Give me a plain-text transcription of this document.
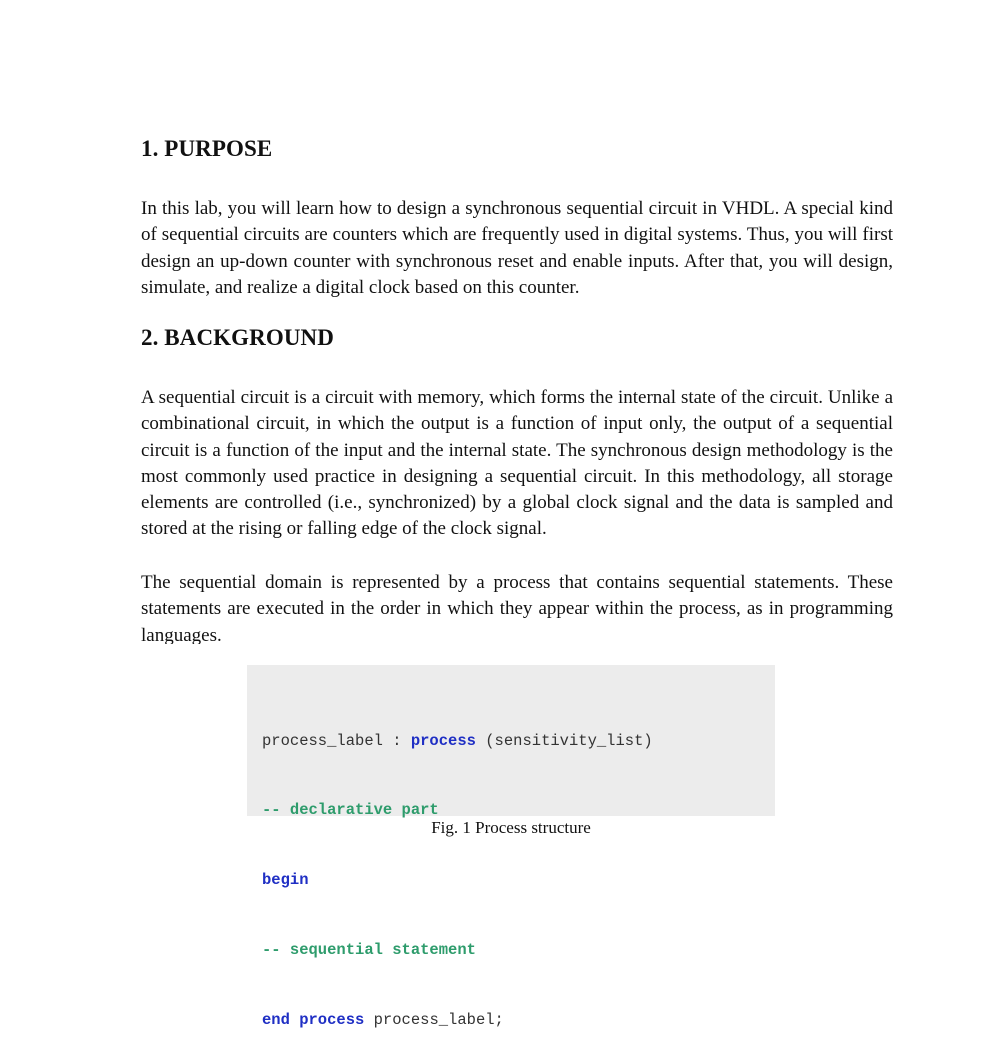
1. PURPOSE

In this lab, you will learn how to design a synchronous sequential circuit in VHDL. A special kind of sequential circuits are counters which are frequently used in digital systems. Thus, you will first design an up-down counter with synchronous reset and enable inputs. After that, you will design, simulate, and realize a digital clock based on this counter.

2. BACKGROUND

A sequential circuit is a circuit with memory, which forms the internal state of the circuit. Unlike a combinational circuit, in which the output is a function of input only, the output of a sequential circuit is a function of the input and the internal state. The synchronous design methodology is the most commonly used practice in designing a sequential circuit. In this methodology, all storage elements are controlled (i.e., synchronized) by a global clock signal and the data is sampled and stored at the rising or falling edge of the clock signal.

The sequential domain is represented by a process that contains sequential statements. These statements are executed in the order in which they appear within the process, as in programming languages.

process_label : process (sensitivity_list)

-- declarative part

begin

-- sequential statement

end process process_label;

Fig. 1 Process structure
